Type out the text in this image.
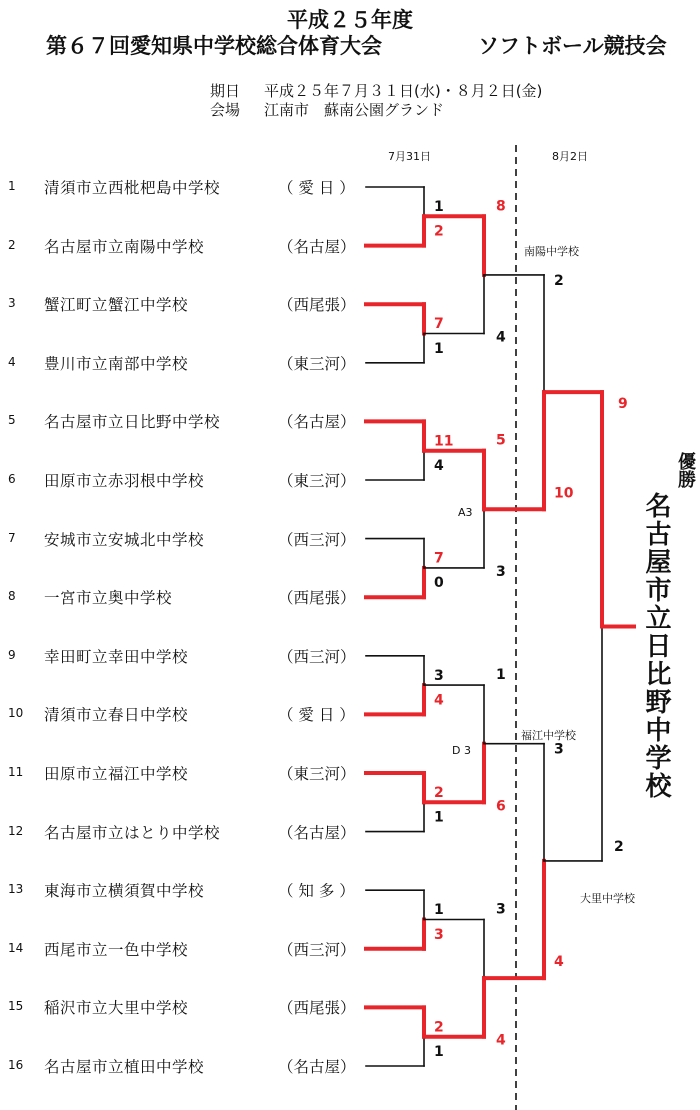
平成２５年度
第６７回愛知県中学校総合体育大会	ソフトボール競技会
期日 平成２５年７月３１日(水)・８月２日(金)
会場 江南市　蘇南公園グランド
7月31日	8月2日
1 清須市立西枇杷島中学校	（ 愛 日 ）
2 名古屋市立南陽中学校	（名古屋）
3 蟹江町立蟹江中学校	（西尾張）
4 豊川市立南部中学校	（東三河）
5 名古屋市立日比野中学校	（名古屋）
6 田原市立赤羽根中学校	（東三河）
7 安城市立安城北中学校	（西三河）
8 一宮市立奥中学校	（西尾張）
9 幸田町立幸田中学校	（西三河）
10 清須市立春日中学校	（ 愛 日 ）
11 田原市立福江中学校	（東三河）
12 名古屋市立はとり中学校	（名古屋）
13 東海市立横須賀中学校	（ 知 多 ）
14 西尾市立一色中学校	（西三河）
15 稲沢市立大里中学校	（西尾張）
16 名古屋市立植田中学校	（名古屋）
1
2
7
1
11
4
7
0
3
4
2
1
1
3
2
1
8
4
5
3
1
6
3
4
2
10
3
4
9
2
南陽中学校
福江中学校
大里中学校
A3
D 3
優勝
名古屋市立日比野中学校
